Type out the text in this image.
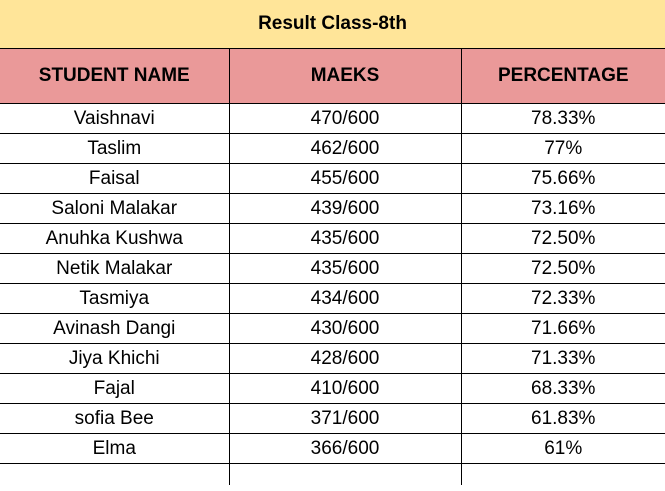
Result Class-8th		
STUDENT NAME	MAEKS	PERCENTAGE
Vaishnavi	470/600	78.33%
Taslim	462/600	77%
Faisal	455/600	75.66%
Saloni Malakar	439/600	73.16%
Anuhka Kushwa	435/600	72.50%
Netik Malakar	435/600	72.50%
Tasmiya	434/600	72.33%
Avinash Dangi	430/600	71.66%
Jiya Khichi	428/600	71.33%
Fajal	410/600	68.33%
sofia Bee	371/600	61.83%
Elma	366/600	61%
